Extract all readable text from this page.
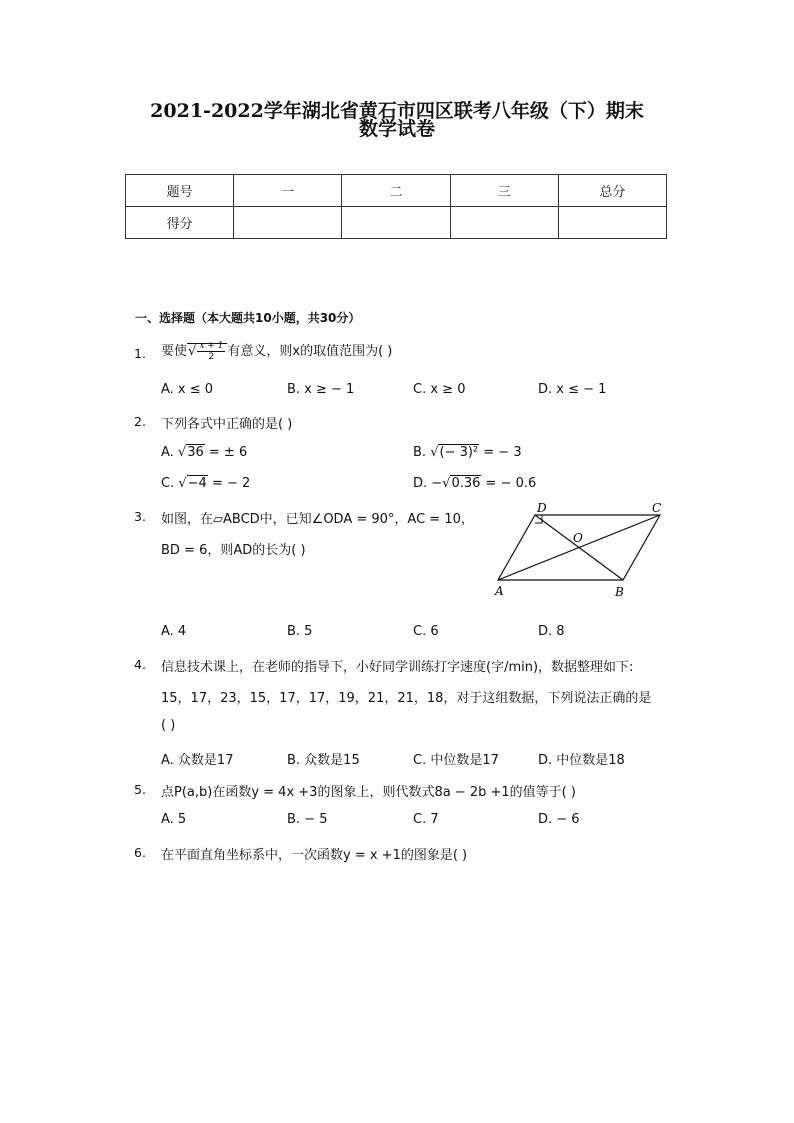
2021-2022学年湖北省黄石市四区联考八年级（下）期末
数学试卷
题号	一	二	三	总分
得分				
一、选择题（本大题共10小题，共30分）
1. 要使√ $\frac{x + 1}{2}$ 有意义，则x的取值范围为( )
A. x ≤ 0	B. x ≥ − 1	C. x ≥ 0	D. x ≤ − 1
2. 下列各式中正确的是( )
A. √36 = ± 6	B. √(− 3)² = − 3
C. √−4 = − 2	D. −√0.36 = − 0.6
3. 如图，在▱ABCD中，已知∠ODA = 90°，AC = 10，
BD = 6，则AD的长为( )
A	B
C
D
O
A. 4	B. 5	C. 6	D. 8
4. 信息技术课上，在老师的指导下，小好同学训练打字速度(字/min)，数据整理如下:
15，17，23，15，17，17，19，21，21，18，对于这组数据，下列说法正确的是
( )
A. 众数是17	B. 众数是15	C. 中位数是17	D. 中位数是18
5. 点P(a,b)在函数y = 4x +3的图象上，则代数式8a − 2b +1的值等于( )
A. 5	B. − 5	C. 7	D. − 6
6. 在平面直角坐标系中，一次函数y = x +1的图象是( )
